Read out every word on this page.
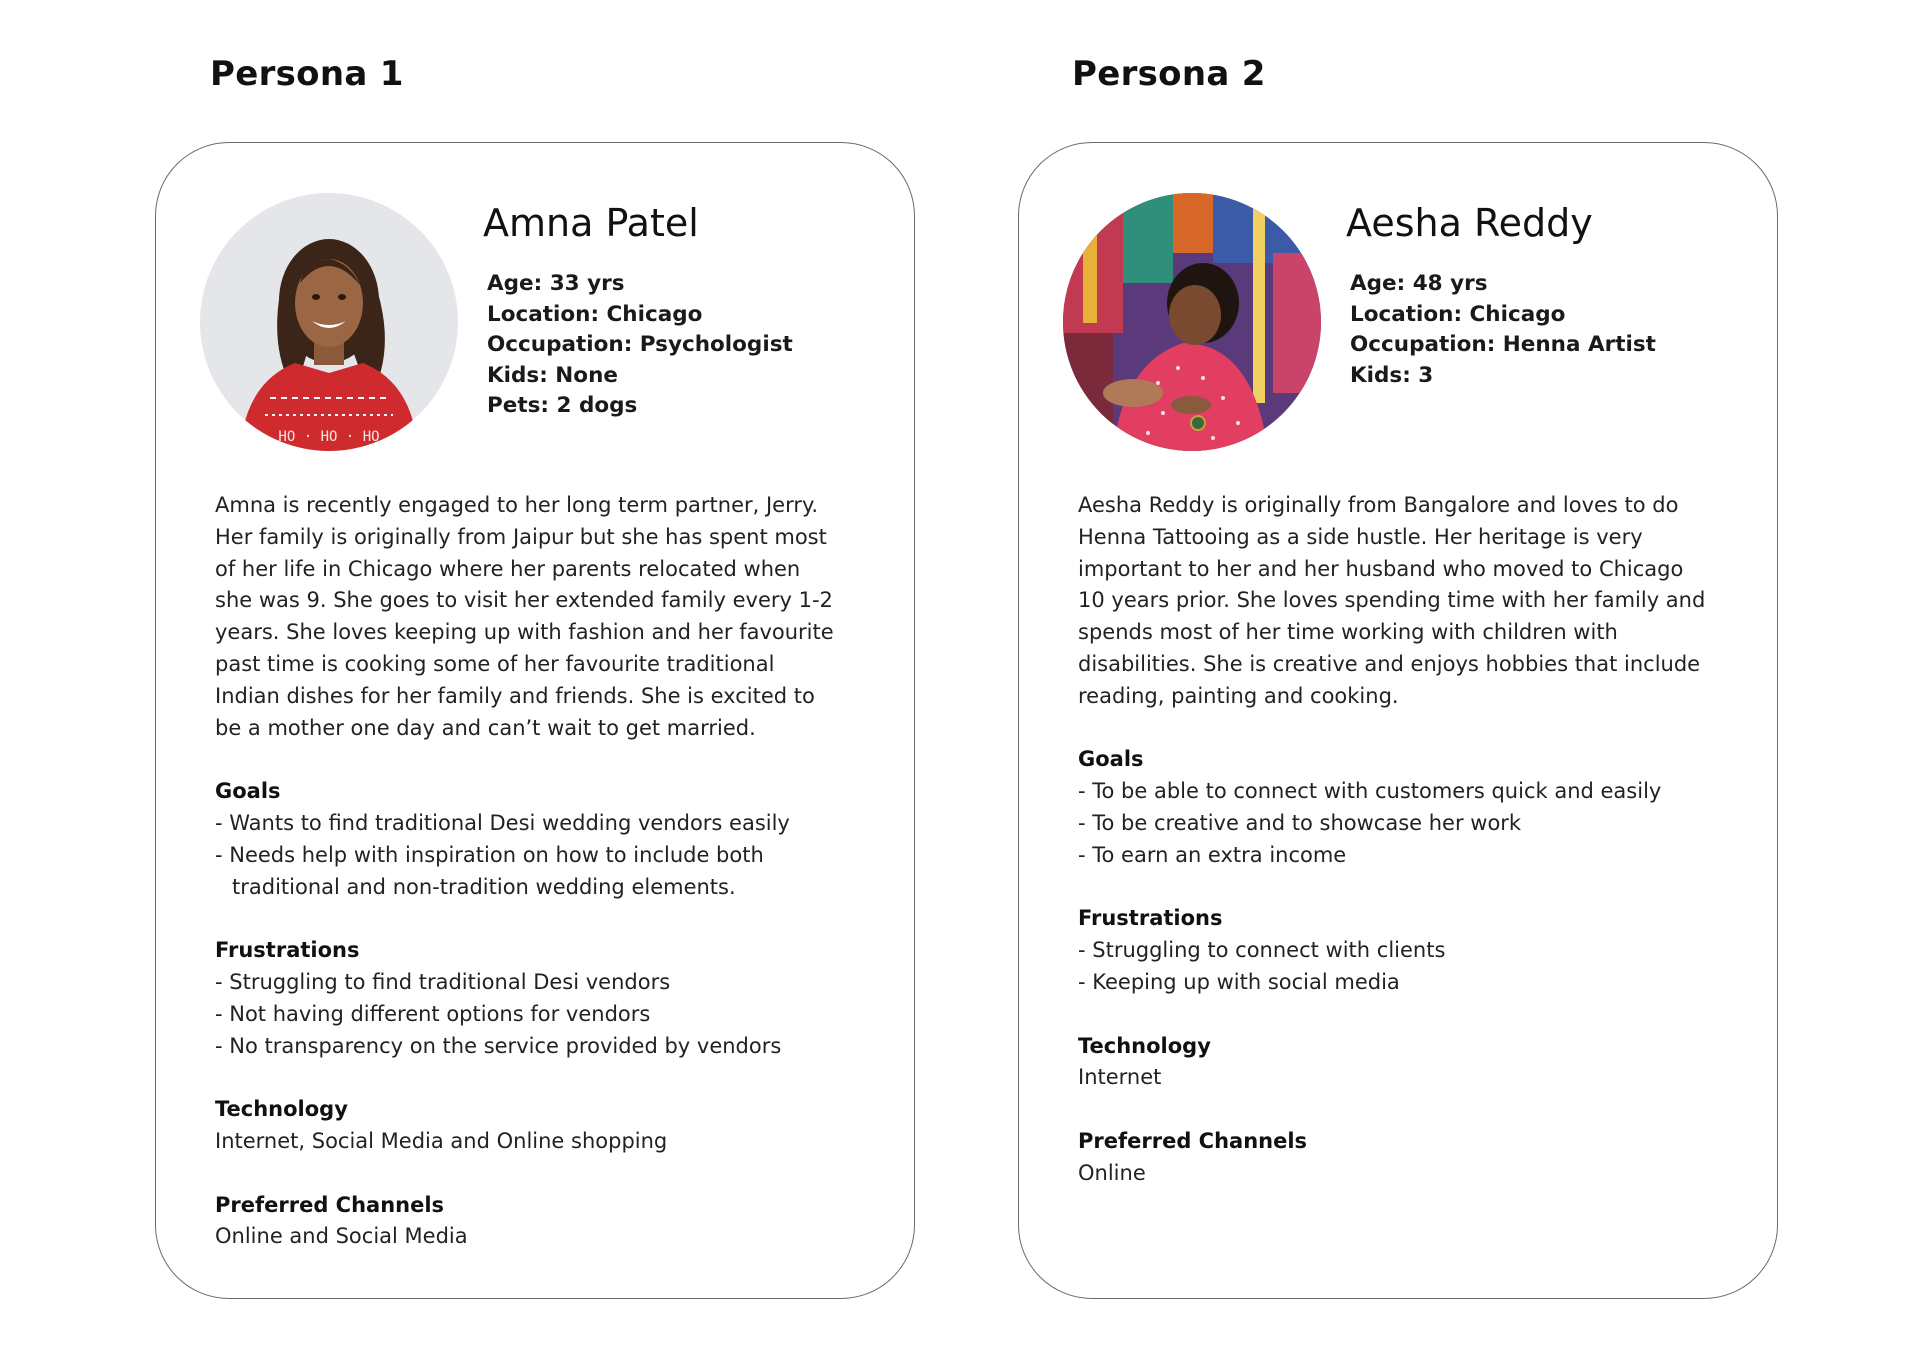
Persona 1	Persona 2
HO · HO · HO
Amna Patel
Age: 33 yrs
Location: Chicago
Occupation: Psychologist
Kids: None
Pets: 2 dogs

Amna is recently engaged to her long term partner, Jerry.
Her family is originally from Jaipur but she has spent most
of her life in Chicago where her parents relocated when
she was 9. She goes to visit her extended family every 1-2
years. She loves keeping up with fashion and her favourite
past time is cooking some of her favourite traditional
Indian dishes for her family and friends. She is excited to
be a mother one day and can’t wait to get married.

Goals
- Wants to find traditional Desi wedding vendors easily
- Needs help with inspiration on how to include both
traditional and non-tradition wedding elements.
Frustrations
- Struggling to find traditional Desi vendors
- Not having different options for vendors
- No transparency on the service provided by vendors
Technology
Internet, Social Media and Online shopping
Preferred Channels
Online and Social Media
Aesha Reddy
Age: 48 yrs
Location: Chicago
Occupation: Henna Artist
Kids: 3

Aesha Reddy is originally from Bangalore and loves to do
Henna Tattooing as a side hustle. Her heritage is very
important to her and her husband who moved to Chicago
10 years prior. She loves spending time with her family and
spends most of her time working with children with
disabilities. She is creative and enjoys hobbies that include
reading, painting and cooking.

Goals
- To be able to connect with customers quick and easily
- To be creative and to showcase her work
- To earn an extra income
Frustrations
- Struggling to connect with clients
- Keeping up with social media
Technology
Internet
Preferred Channels
Online
